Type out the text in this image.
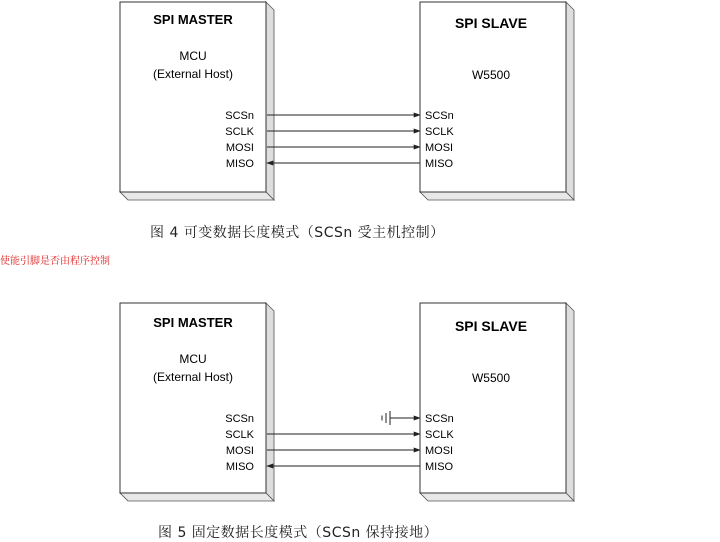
SPI MASTER
MCU
(External Host)
SPI SLAVE
W5500
SCSn	SCSn
SCLK	SCLK
MOSI	MOSI
MISO	MISO
SPI MASTER
MCU
(External Host)
SPI SLAVE
W5500
SCSn	SCSn
SCLK	SCLK
MOSI	MOSI
MISO	MISO
图 4 可变数据长度模式（SCSn 受主机控制）
使能引脚是否由程序控制
图 5 固定数据长度模式（SCSn 保持接地）
